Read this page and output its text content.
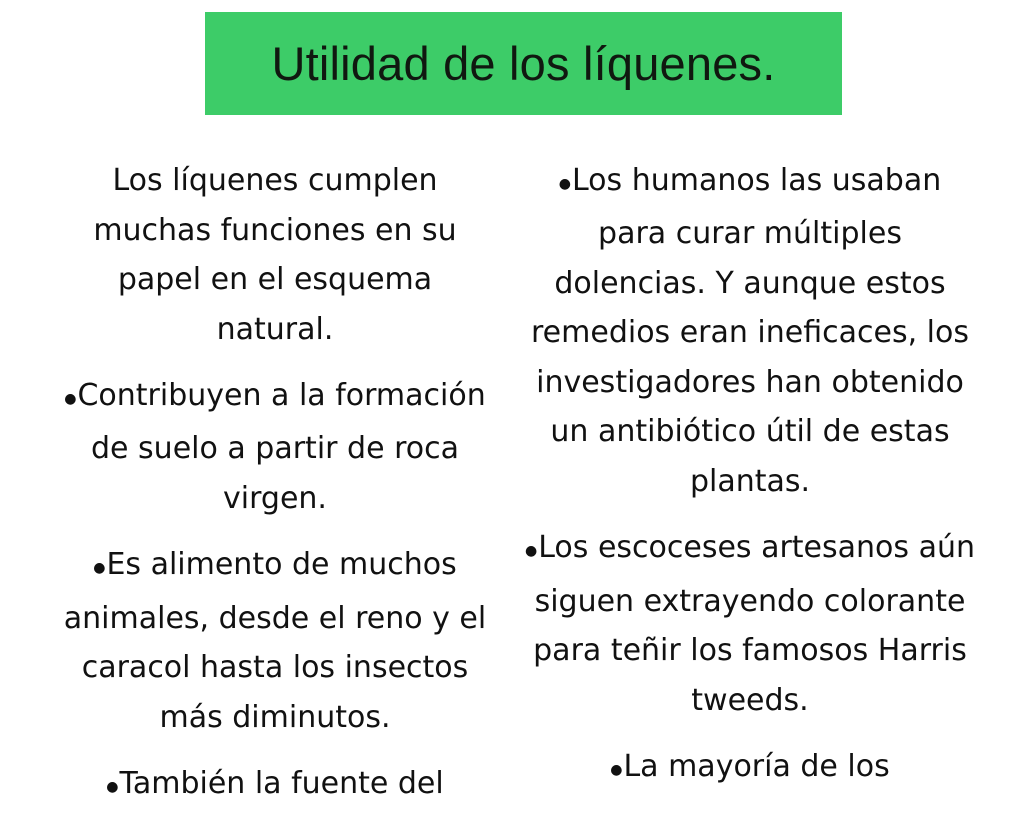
Utilidad de los líquenes.

Los líquenes cumplen muchas funciones en su papel en el esquema natural.

●Contribuyen a la formación de suelo a partir de roca virgen.

●Es alimento de muchos animales, desde el reno y el caracol hasta los insectos más diminutos.

●También la fuente del

●Los humanos las usaban para curar múltiples dolencias. Y aunque estos remedios eran ineficaces, los investigadores han obtenido un antibiótico útil de estas plantas.

●Los escoceses artesanos aún siguen extrayendo colorante para teñir los famosos Harris tweeds.

●La mayoría de los
